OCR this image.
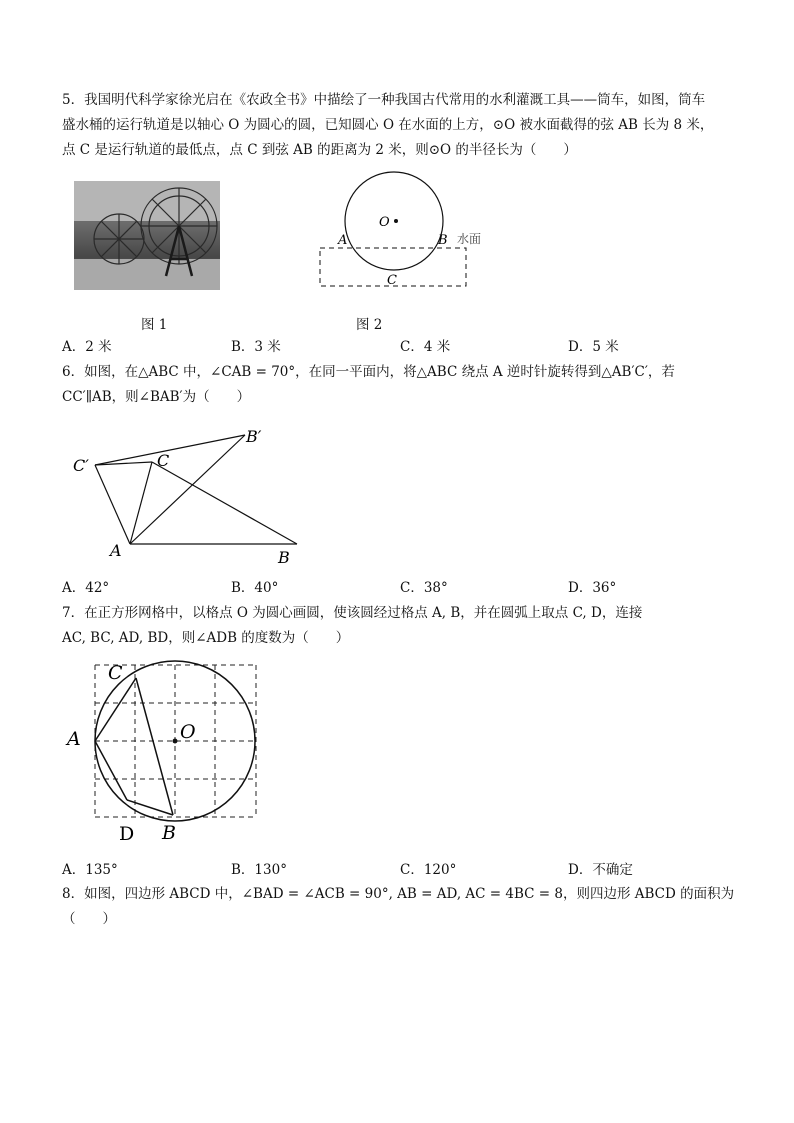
5．我国明代科学家徐光启在《农政全书》中描绘了一种我国古代常用的水利灌溉工具——筒车，如图，筒车
盛水桶的运行轨道是以轴心 O 为圆心的圆，已知圆心 O 在水面的上方，⊙O 被水面截得的弦 AB 长为 8 米，
点 C 是运行轨道的最低点，点 C 到弦 AB 的距离为 2 米，则⊙O 的半径长为（　　）
图 1
O
A	B
C
水面
图 2
A．2 米	B．3 米	C．4 米	D．5 米
6．如图，在△ABC 中，∠CAB = 70°，在同一平面内，将△ABC 绕点 A 逆时针旋转得到△AB′C′，若
CC′∥AB，则∠BAB′为（　　）
A	B
C
B′
C′
A．42°	B．40°	C．38°	D．36°
7．在正方形网格中，以格点 O 为圆心画圆，使该圆经过格点 A, B，并在圆弧上取点 C, D，连接
AC, BC, AD, BD，则∠ADB 的度数为（　　）
C
A	O
D B
A．135°	B．130°	C．120°	D．不确定
8．如图，四边形 ABCD 中，∠BAD = ∠ACB = 90°, AB = AD, AC = 4BC = 8，则四边形 ABCD 的面积为
（　　）
